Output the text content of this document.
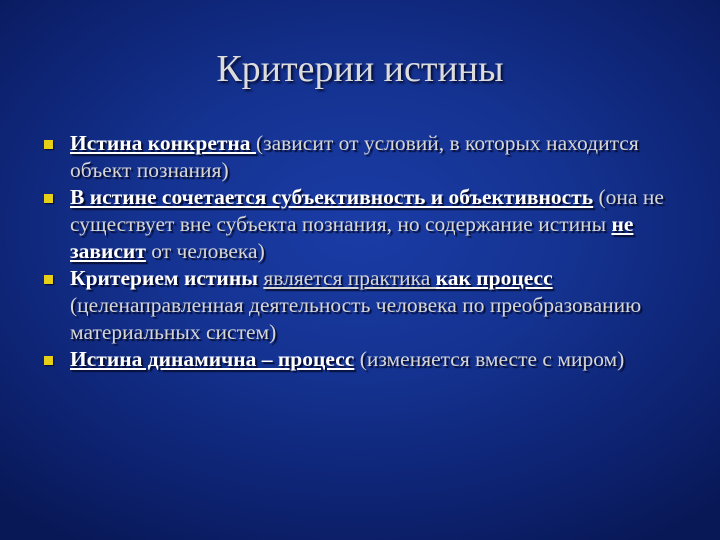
Критерии истины
Истина конкретна (зависит от условий, в которых находится объект познания)
В истине сочетается субъективность и объективность (она не существует вне субъекта познания, но содержание истины не зависит от человека)
Критерием истины является практика как процесс (целенаправленная деятельность человека по преобразованию материальных систем)
Истина динамична – процесс (изменяется вместе с миром)
